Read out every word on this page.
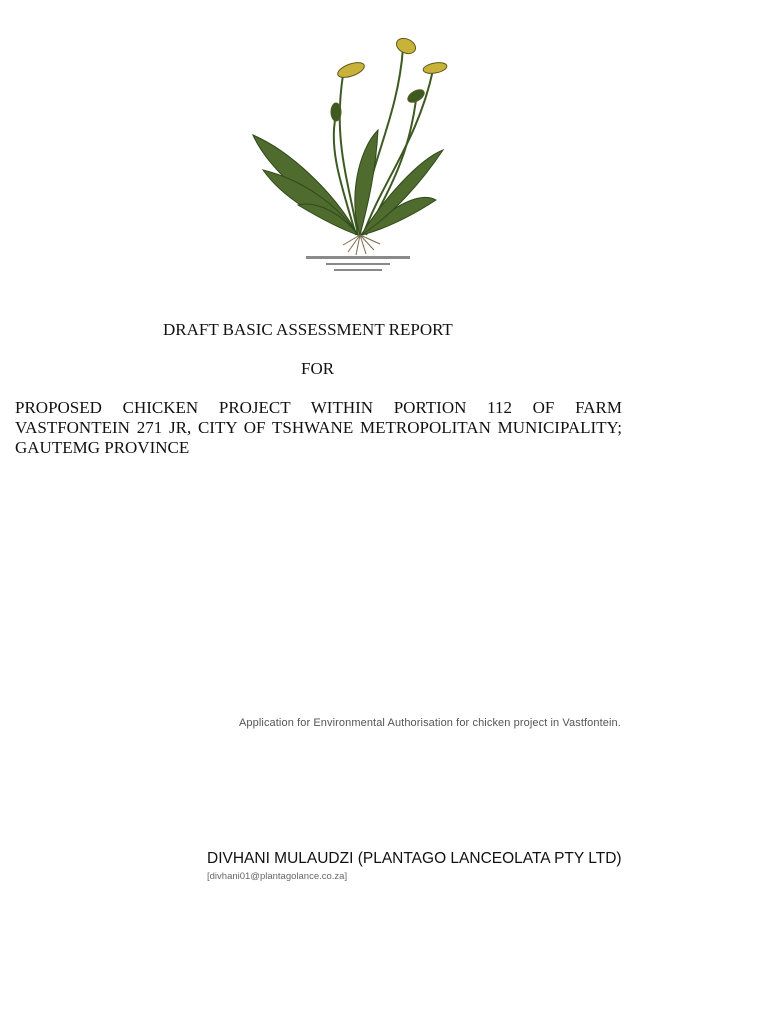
DRAFT BASIC ASSESSMENT REPORT
FOR
PROPOSED CHICKEN PROJECT WITHIN PORTION 112 OF FARM VASTFONTEIN 271 JR, CITY OF TSHWANE METROPOLITAN MUNICIPALITY; GAUTEMG PROVINCE
Application for Environmental Authorisation for chicken project in Vastfontein.
DIVHANI MULAUDZI (PLANTAGO LANCEOLATA PTY LTD)
[divhani01@plantagolance.co.za]
